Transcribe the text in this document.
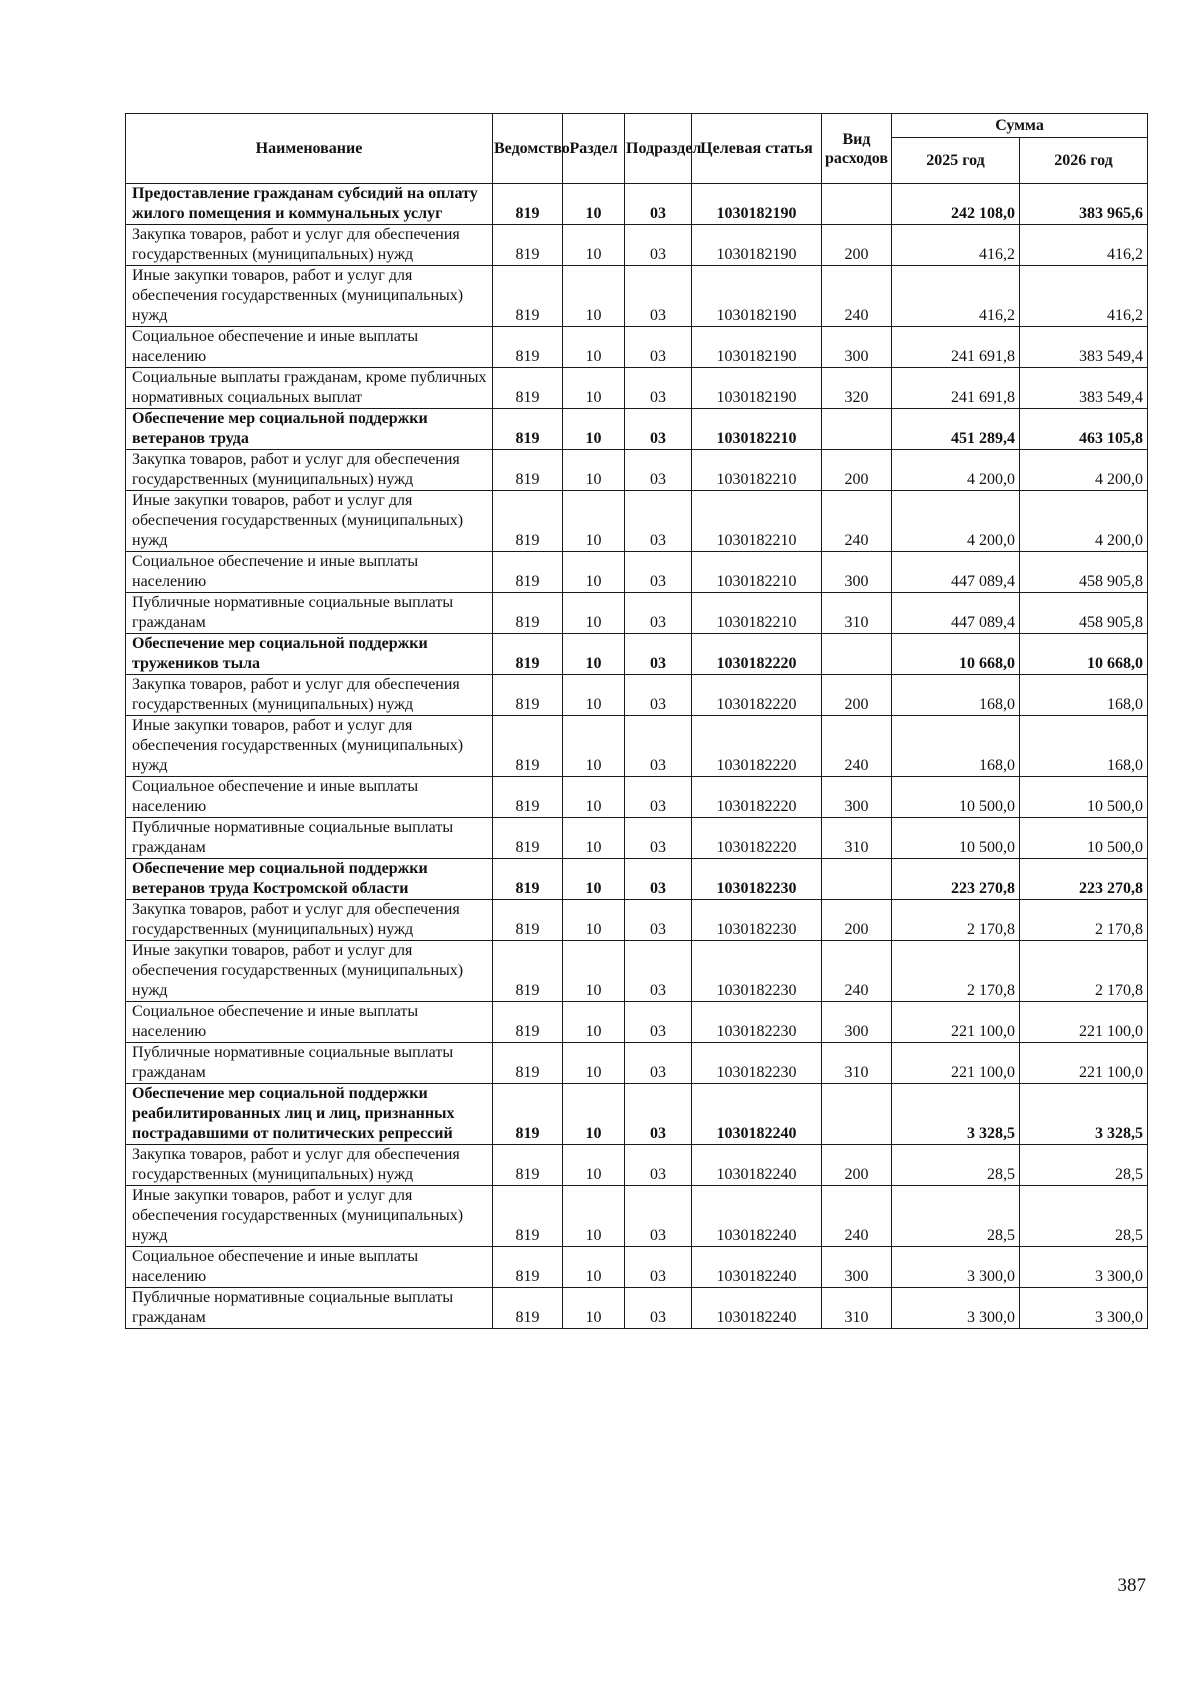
Наименование	Ведомство	Раздел	Подраздел	Целевая статья	Вид расходов	Сумма	
						2025 год	2026 год
Предоставление гражданам субсидий на оплату жилого помещения и коммунальных услуг	819	10	03	1030182190		242 108,0	383 965,6
Закупка товаров, работ и услуг для обеспечения государственных (муниципальных) нужд	819	10	03	1030182190	200	416,2	416,2
Иные закупки товаров, работ и услуг для обеспечения государственных (муниципальных) нужд	819	10	03	1030182190	240	416,2	416,2
Социальное обеспечение и иные выплаты населению	819	10	03	1030182190	300	241 691,8	383 549,4
Социальные выплаты гражданам, кроме публичных нормативных социальных выплат	819	10	03	1030182190	320	241 691,8	383 549,4
Обеспечение мер социальной поддержки ветеранов труда	819	10	03	1030182210		451 289,4	463 105,8
Закупка товаров, работ и услуг для обеспечения государственных (муниципальных) нужд	819	10	03	1030182210	200	4 200,0	4 200,0
Иные закупки товаров, работ и услуг для обеспечения государственных (муниципальных) нужд	819	10	03	1030182210	240	4 200,0	4 200,0
Социальное обеспечение и иные выплаты населению	819	10	03	1030182210	300	447 089,4	458 905,8
Публичные нормативные социальные выплаты гражданам	819	10	03	1030182210	310	447 089,4	458 905,8
Обеспечение мер социальной поддержки тружеников тыла	819	10	03	1030182220		10 668,0	10 668,0
Закупка товаров, работ и услуг для обеспечения государственных (муниципальных) нужд	819	10	03	1030182220	200	168,0	168,0
Иные закупки товаров, работ и услуг для обеспечения государственных (муниципальных) нужд	819	10	03	1030182220	240	168,0	168,0
Социальное обеспечение и иные выплаты населению	819	10	03	1030182220	300	10 500,0	10 500,0
Публичные нормативные социальные выплаты гражданам	819	10	03	1030182220	310	10 500,0	10 500,0
Обеспечение мер социальной поддержки ветеранов труда Костромской области	819	10	03	1030182230		223 270,8	223 270,8
Закупка товаров, работ и услуг для обеспечения государственных (муниципальных) нужд	819	10	03	1030182230	200	2 170,8	2 170,8
Иные закупки товаров, работ и услуг для обеспечения государственных (муниципальных) нужд	819	10	03	1030182230	240	2 170,8	2 170,8
Социальное обеспечение и иные выплаты населению	819	10	03	1030182230	300	221 100,0	221 100,0
Публичные нормативные социальные выплаты гражданам	819	10	03	1030182230	310	221 100,0	221 100,0
Обеспечение мер социальной поддержки реабилитированных лиц и лиц, признанных пострадавшими от политических репрессий	819	10	03	1030182240		3 328,5	3 328,5
Закупка товаров, работ и услуг для обеспечения государственных (муниципальных) нужд	819	10	03	1030182240	200	28,5	28,5
Иные закупки товаров, работ и услуг для обеспечения государственных (муниципальных) нужд	819	10	03	1030182240	240	28,5	28,5
Социальное обеспечение и иные выплаты населению	819	10	03	1030182240	300	3 300,0	3 300,0
Публичные нормативные социальные выплаты гражданам	819	10	03	1030182240	310	3 300,0	3 300,0
387
